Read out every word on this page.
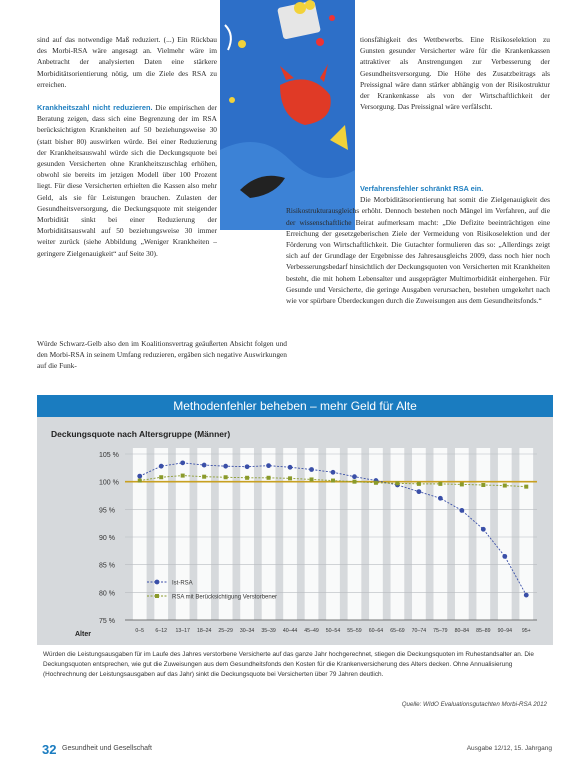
sind auf das notwendige Maß reduziert. (...) Ein Rückbau des Morbi-RSA wäre angesagt an. Vielmehr wäre im Anbetracht der analysierten Daten eine stärkere Morbiditätsorientierung nötig, um die Ziele des RSA zu erreichen.

Krankheitszahl nicht reduzieren. Die empirischen der Beratung zeigen, dass sich eine Begrenzung der im RSA berücksichtigten Krankheiten auf 50 beziehungsweise 30 (statt bisher 80) auswirken würde. Bei einer Reduzierung der Krankheitsauswahl würde sich die Deckungsquote bei gesunden Versicherten ohne Krankheitszuschlag erhöhen, obwohl sie bereits im jetzigen Modell über 100 Prozent liegt. Für diese Versicherten erhielten die Kassen also mehr Geld, als sie für Leistungen brauchen. Zulasten der Gesundheitsversorgung, die Deckungsquote mit steigender Morbidität sinkt bei einer Reduzierung der Morbiditätsauswahl auf 50 beziehungsweise 30 immer weiter zurück (siehe Abbildung „Weniger Krankheiten – geringere Zielgenauigkeit“ auf Seite 30).

Würde Schwarz-Gelb also den im Koalitionsvertrag geäußerten Absicht folgen und den Morbi-RSA in seinem Umfang reduzieren, ergäben sich negative Auswirkungen auf die Funk-

tionsfähigkeit des Wettbewerbs. Eine Risikoselektion zu Gunsten gesunder Versicherter wäre für die Krankenkassen attraktiver als Anstrengungen zur Verbesserung der Gesundheitsversorgung. Die Höhe des Zusatzbeitrags als Preissignal wäre dann stärker abhängig von der Risikostruktur der Krankenkasse als von der Wirtschaftlichkeit der Versorgung. Das Preissignal wäre verfälscht.

Verfahrensfehler schränkt RSA ein.

Die Morbiditätsorientierung hat somit die Zielgenauigkeit des Risikostrukturausgleichs erhöht. Dennoch bestehen noch Mängel im Verfahren, auf die der wissenschaftliche Beirat aufmerksam macht: „Die Defizite beeinträchtigen eine Erreichung der gesetzgeberischen Ziele der Vermeidung von Risikoselektion und der Förderung von Wirtschaftlichkeit. Die Gutachter formulieren das so: „Allerdings zeigt sich auf der Grundlage der Ergebnisse des Jahresausgleichs 2009, dass noch hier noch Verbesserungsbedarf hinsichtlich der Deckungsquoten von Versicherten mit Krankheiten besteht, die mit hohem Lebensalter und ausgeprägter Multimorbidität einhergehen. Für Gesunde und Versicherte, die geringe Ausgaben verursachen, bestehen umgekehrt nach wie vor spürbare Überdeckungen durch die Zuweisungen aus dem Gesundheitsfonds.“

Methodenfehler beheben – mehr Geld für Alte
Deckungsquote nach Altersgruppe (Männer)
Alter
105 %
100 %
95 %
90 %
85 %
80 %
75 %
0–5 6–12 13–17 18–24 25–29 30–34 35–39 40–44 45–49 50–54 55–59 60–64 65–69 70–74 75–79 80–84 85–89 90–94 95+
Ist-RSA
RSA mit Berücksichtigung Verstorbener
Würden die Leistungsausgaben für im Laufe des Jahres verstorbene Versicherte auf das ganze Jahr hochgerechnet, stiegen die Deckungsquoten im Ruhestandsalter an. Die Deckungsquoten entsprechen, wie gut die Zuweisungen aus dem Gesundheitsfonds den Kosten für die Krankenversicherung des Alters decken. Ohne Annualisierung (Hochrechnung der Leistungsausgaben auf das Jahr) sinkt die Deckungsquote bei Versicherten über 79 Jahren deutlich.
Quelle: WIdO Evaluationsgutachten Morbi-RSA 2012
32 Gesundheit und Gesellschaft	Ausgabe 12/12, 15. Jahrgang
